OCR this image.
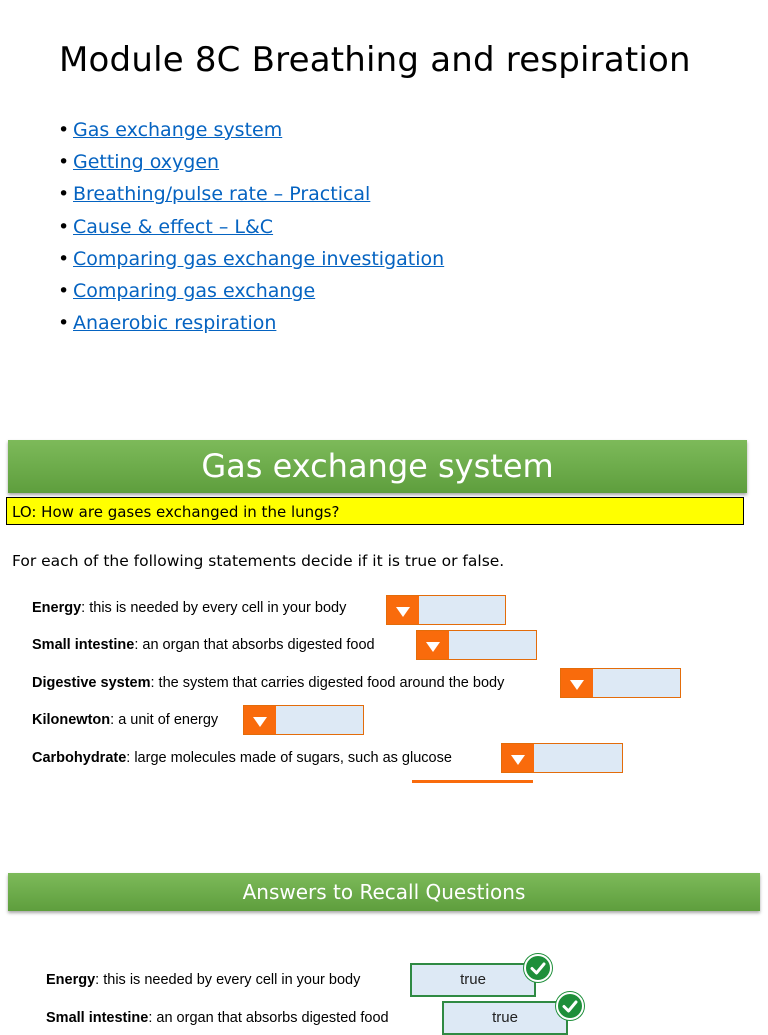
Module 8C Breathing and respiration
• Gas exchange system
• Getting oxygen
• Breathing/pulse rate – Practical
• Cause & effect – L&C
• Comparing gas exchange investigation
• Comparing gas exchange
• Anaerobic respiration
Gas exchange system
LO: How are gases exchanged in the lungs?
For each of the following statements decide if it is true or false.
Energy: this is needed by every cell in your body
Small intestine: an organ that absorbs digested food
Digestive system: the system that carries digested food around the body
Kilonewton: a unit of energy
Carbohydrate: large molecules made of sugars, such as glucose
Answers to Recall Questions
Energy: this is needed by every cell in your body	true
Small intestine: an organ that absorbs digested food	true
